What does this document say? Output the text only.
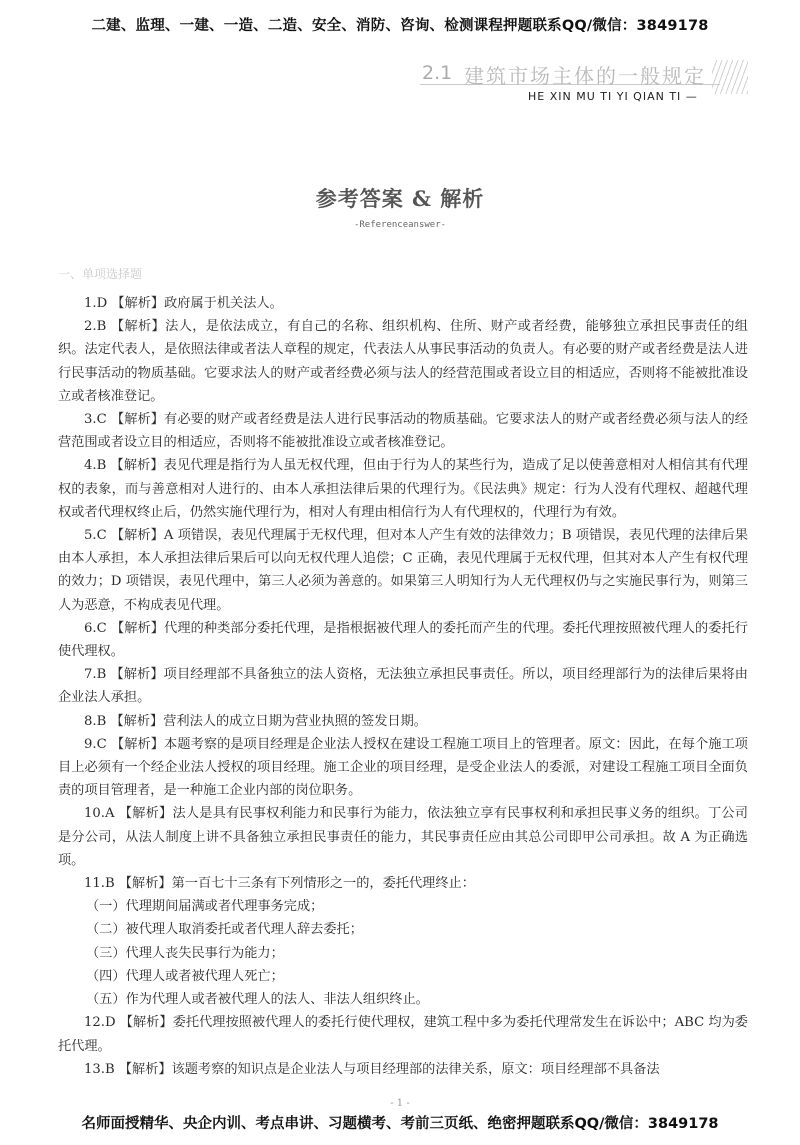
二建、监理、一建、一造、二造、安全、消防、咨询、检测课程押题联系QQ/微信：3849178
2.1 建筑市场主体的一般规定
HE XIN MU TI YI QIAN TI —
参考答案 & 解析
-Referenceanswer-
一、单项选择题

1.D 【解析】政府属于机关法人。

2.B 【解析】法人，是依法成立，有自己的名称、组织机构、住所、财产或者经费，能够独立承担民事责任的组织。法定代表人，是依照法律或者法人章程的规定，代表法人从事民事活动的负责人。有必要的财产或者经费是法人进行民事活动的物质基础。它要求法人的财产或者经费必须与法人的经营范围或者设立目的相适应，否则将不能被批准设立或者核准登记。

3.C 【解析】有必要的财产或者经费是法人进行民事活动的物质基础。它要求法人的财产或者经费必须与法人的经营范围或者设立目的相适应，否则将不能被批准设立或者核准登记。

4.B 【解析】表见代理是指行为人虽无权代理，但由于行为人的某些行为，造成了足以使善意相对人相信其有代理权的表象，而与善意相对人进行的、由本人承担法律后果的代理行为。《民法典》规定：行为人没有代理权、超越代理权或者代理权终止后，仍然实施代理行为，相对人有理由相信行为人有代理权的，代理行为有效。

5.C 【解析】A 项错误，表见代理属于无权代理，但对本人产生有效的法律效力；B 项错误，表见代理的法律后果由本人承担，本人承担法律后果后可以向无权代理人追偿；C 正确，表见代理属于无权代理，但其对本人产生有权代理的效力；D 项错误，表见代理中，第三人必须为善意的。如果第三人明知行为人无代理权仍与之实施民事行为，则第三人为恶意，不构成表见代理。

6.C 【解析】代理的种类部分委托代理，是指根据被代理人的委托而产生的代理。委托代理按照被代理人的委托行使代理权。

7.B 【解析】项目经理部不具备独立的法人资格，无法独立承担民事责任。所以，项目经理部行为的法律后果将由企业法人承担。

8.B 【解析】营利法人的成立日期为营业执照的签发日期。

9.C 【解析】本题考察的是项目经理是企业法人授权在建设工程施工项目上的管理者。原文：因此，在每个施工项目上必须有一个经企业法人授权的项目经理。施工企业的项目经理，是受企业法人的委派，对建设工程施工项目全面负责的项目管理者，是一种施工企业内部的岗位职务。

10.A 【解析】法人是具有民事权利能力和民事行为能力，依法独立享有民事权利和承担民事义务的组织。丁公司是分公司，从法人制度上讲不具备独立承担民事责任的能力，其民事责任应由其总公司即甲公司承担。故 A 为正确选项。

11.B 【解析】第一百七十三条有下列情形之一的，委托代理终止：

（一）代理期间届满或者代理事务完成；

（二）被代理人取消委托或者代理人辞去委托；

（三）代理人丧失民事行为能力；

（四）代理人或者被代理人死亡；

（五）作为代理人或者被代理人的法人、非法人组织终止。

12.D 【解析】委托代理按照被代理人的委托行使代理权，建筑工程中多为委托代理常发生在诉讼中；ABC 均为委托代理。

13.B 【解析】该题考察的知识点是企业法人与项目经理部的法律关系，原文：项目经理部不具备法

- 1 -
名师面授精华、央企内训、考点串讲、习题横考、考前三页纸、绝密押题联系QQ/微信：3849178
